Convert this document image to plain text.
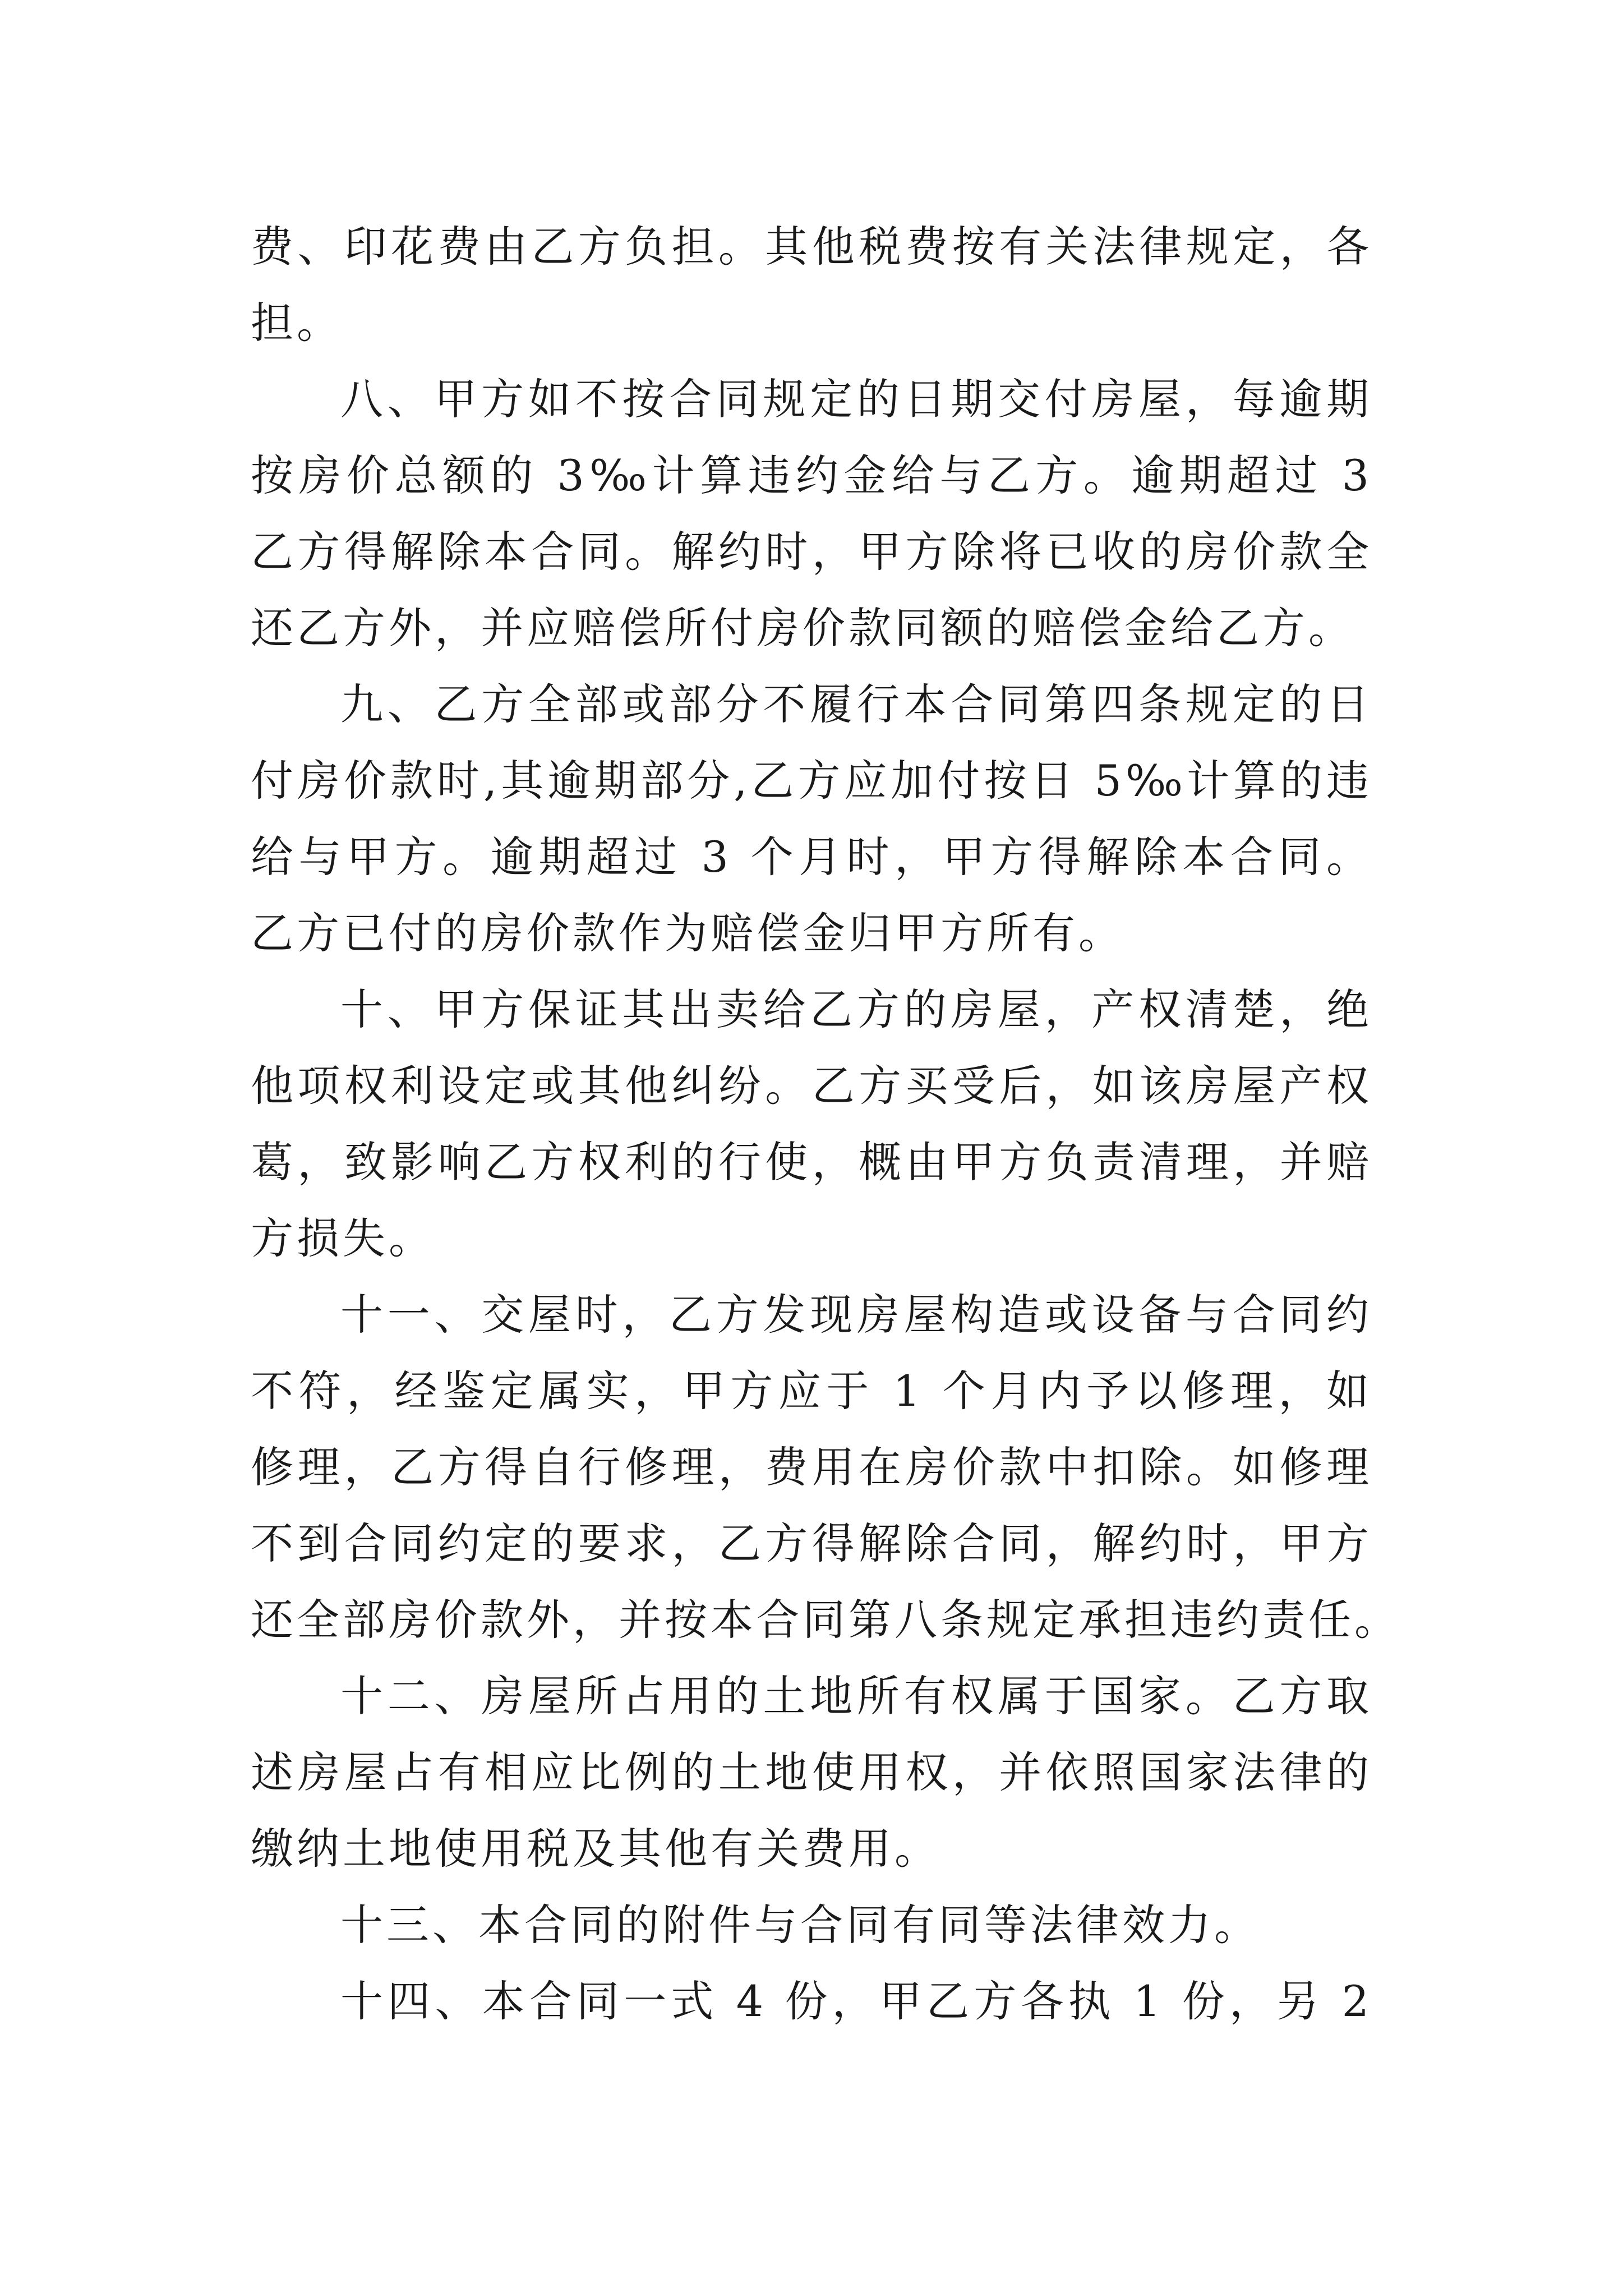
费、印花费由乙方负担。其他税费按有关法律规定，各
担。
八、甲方如不按合同规定的日期交付房屋，每逾期
按房价总额的 3‰计算违约金给与乙方。逾期超过 3
乙方得解除本合同。解约时，甲方除将已收的房价款全
还乙方外，并应赔偿所付房价款同额的赔偿金给乙方。
九、乙方全部或部分不履行本合同第四条规定的日
付房价款时,其逾期部分,乙方应加付按日 5‰计算的违
给与甲方。逾期超过 3 个月时，甲方得解除本合同。
乙方已付的房价款作为赔偿金归甲方所有。
十、甲方保证其出卖给乙方的房屋，产权清楚，绝
他项权利设定或其他纠纷。乙方买受后，如该房屋产权
葛，致影响乙方权利的行使，概由甲方负责清理，并赔
方损失。
十一、交屋时，乙方发现房屋构造或设备与合同约
不符，经鉴定属实，甲方应于 1 个月内予以修理，如
修理，乙方得自行修理，费用在房价款中扣除。如修理
不到合同约定的要求，乙方得解除合同，解约时，甲方
还全部房价款外，并按本合同第八条规定承担违约责任。
十二、房屋所占用的土地所有权属于国家。乙方取
述房屋占有相应比例的土地使用权，并依照国家法律的
缴纳土地使用税及其他有关费用。
十三、本合同的附件与合同有同等法律效力。
十四、本合同一式 4 份，甲乙方各执 1 份，另 2
